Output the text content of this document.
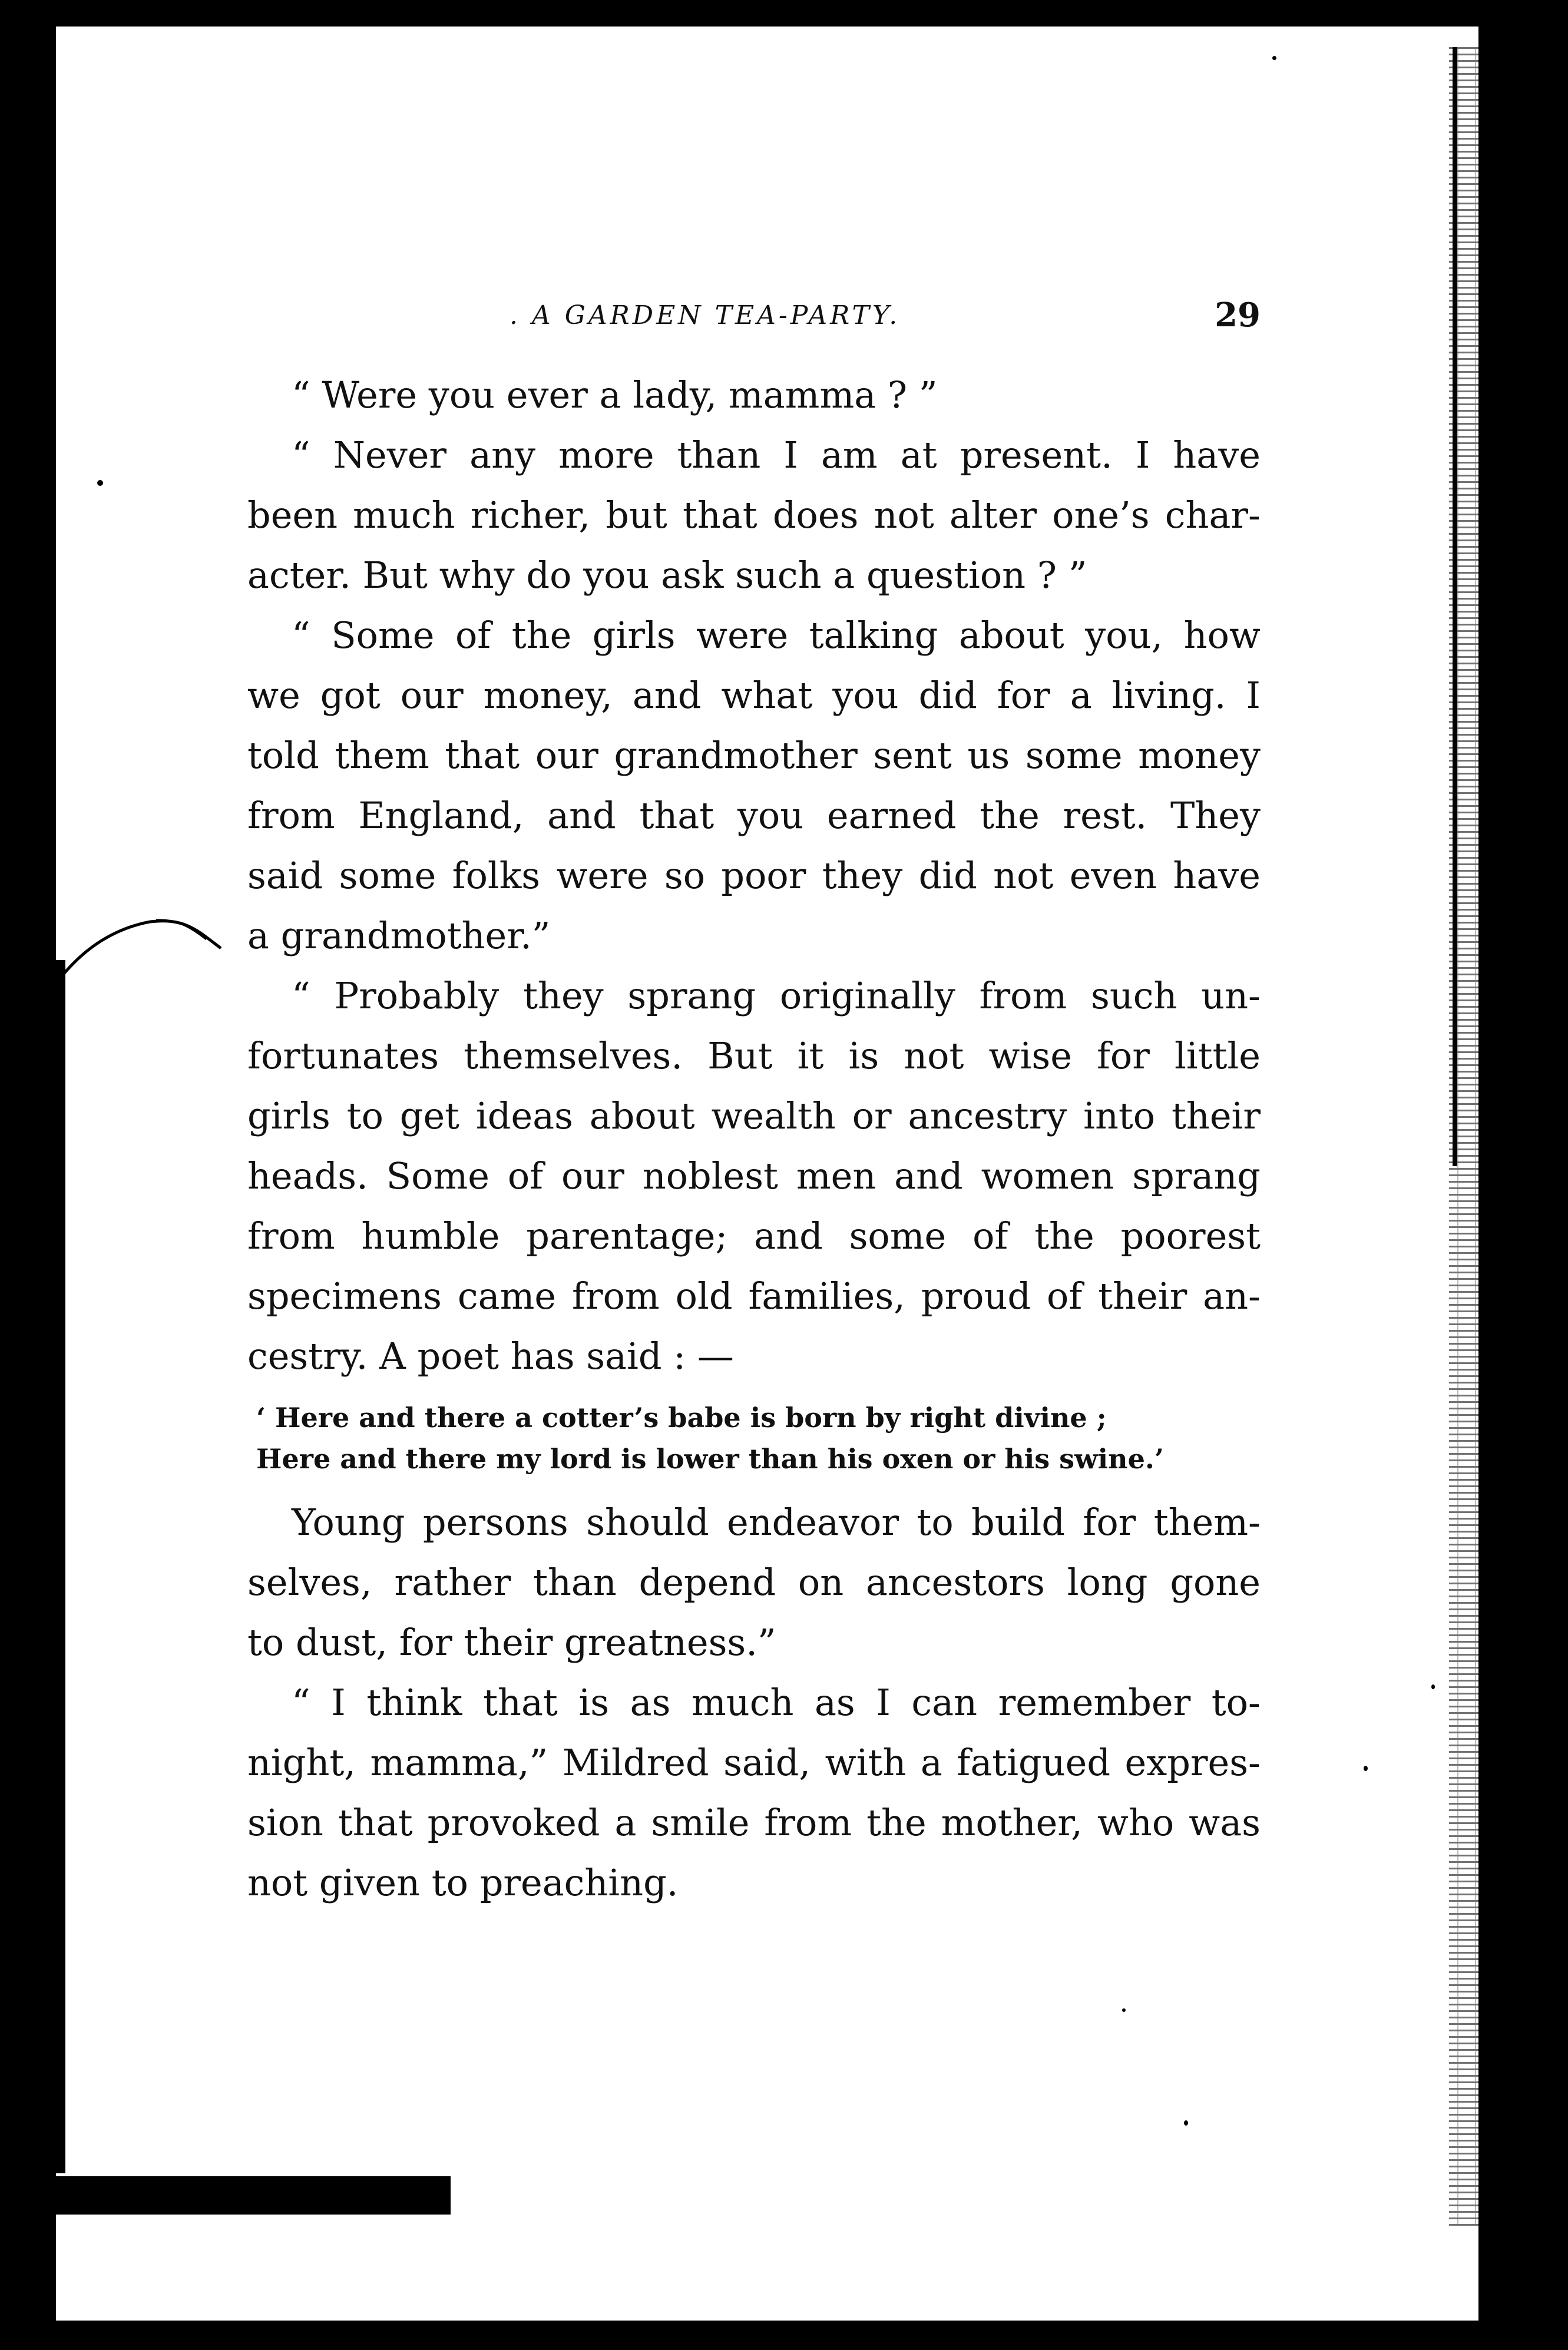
. A GARDEN TEA-PARTY.	29
“ Were you ever a lady, mamma ? ”
“ Never any more than I am at present. I have
been much richer, but that does not alter one’s char-
acter. But why do you ask such a question ? ”
“ Some of the girls were talking about you, how
we got our money, and what you did for a living. I
told them that our grandmother sent us some money
from England, and that you earned the rest. They
said some folks were so poor they did not even have
a grandmother.”
“ Probably they sprang originally from such un-
fortunates themselves. But it is not wise for little
girls to get ideas about wealth or ancestry into their
heads. Some of our noblest men and women sprang
from humble parentage; and some of the poorest
specimens came from old families, proud of their an-
cestry. A poet has said : —
‘ Here and there a cotter’s babe is born by right divine ;
Here and there my lord is lower than his oxen or his swine.’
Young persons should endeavor to build for them-
selves, rather than depend on ancestors long gone
to dust, for their greatness.”
“ I think that is as much as I can remember to-
night, mamma,” Mildred said, with a fatigued expres-
sion that provoked a smile from the mother, who was
not given to preaching.
